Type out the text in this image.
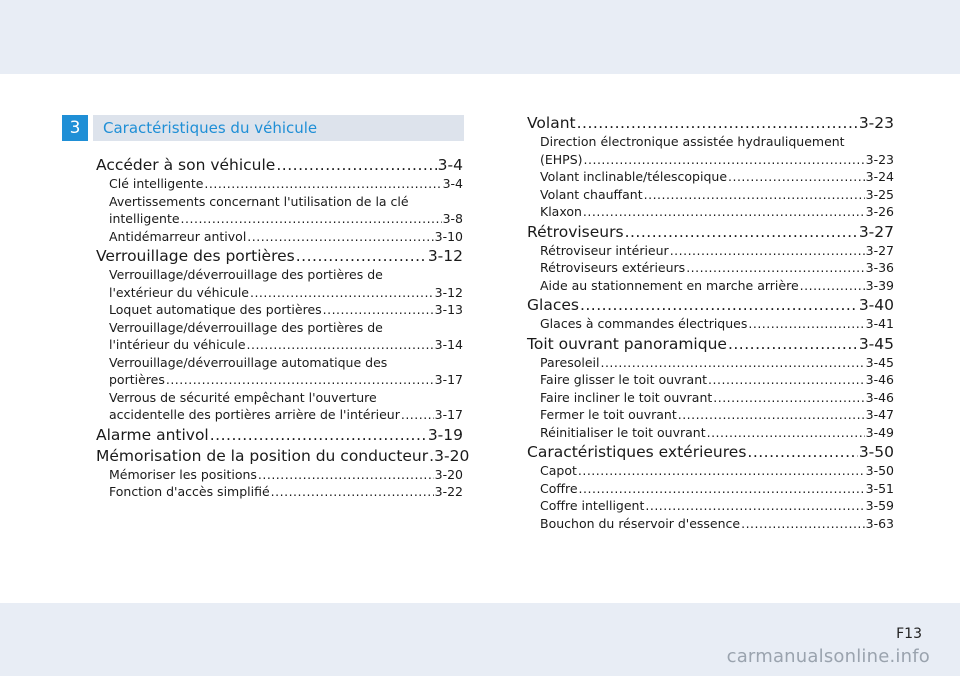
3	Caractéristiques du véhicule
Accéder à son véhicule .....	3-4
Clé intelligente .....	3-4
Avertissements concernant l'utilisation de la clé
intelligente .....	3-8
Antidémarreur antivol .....	3-10
Verrouillage des portières .....	3-12
Verrouillage/déverrouillage des portières de
l'extérieur du véhicule .....	3-12
Loquet automatique des portières .....	3-13
Verrouillage/déverrouillage des portières de
l'intérieur du véhicule .....	3-14
Verrouillage/déverrouillage automatique des
portières .....	3-17
Verrous de sécurité empêchant l'ouverture
accidentelle des portières arrière de l'intérieur .....	3-17
Alarme antivol .....	3-19
Mémorisation de la position du conducteur ..... 3-20
Mémoriser les positions .....	3-20
Fonction d'accès simplifié .....	3-22
Volant .....	3-23
Direction électronique assistée hydrauliquement
(EHPS) .....	3-23
Volant inclinable/télescopique .....	3-24
Volant chauffant .....	3-25
Klaxon .....	3-26
Rétroviseurs .....	3-27
Rétroviseur intérieur .....	3-27
Rétroviseurs extérieurs .....	3-36
Aide au stationnement en marche arrière .....	3-39
Glaces .....	3-40
Glaces à commandes électriques .....	3-41
Toit ouvrant panoramique .....	3-45
Paresoleil .....	3-45
Faire glisser le toit ouvrant .....	3-46
Faire incliner le toit ouvrant .....	3-46
Fermer le toit ouvrant .....	3-47
Réinitialiser le toit ouvrant .....	3-49
Caractéristiques extérieures .....	3-50
Capot .....	3-50
Coffre .....	3-51
Coffre intelligent .....	3-59
Bouchon du réservoir d'essence .....	3-63
F13
carmanualsonline.info
